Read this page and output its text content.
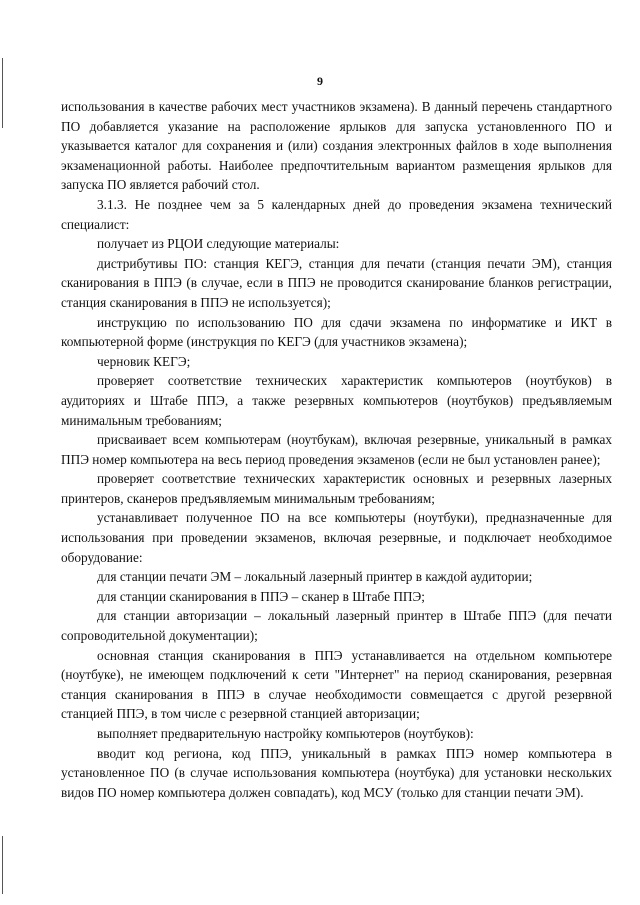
9

использования в качестве рабочих мест участников экзамена). В данный перечень стандартного ПО добавляется указание на расположение ярлыков для запуска установленного ПО и указывается каталог для сохранения и (или) создания электронных файлов в ходе выполнения экзаменационной работы. Наиболее предпочтительным вариантом размещения ярлыков для запуска ПО является рабочий стол.

3.1.3. Не позднее чем за 5 календарных дней до проведения экзамена технический специалист:

получает из РЦОИ следующие материалы:

дистрибутивы ПО: станция КЕГЭ, станция для печати (станция печати ЭМ), станция сканирования в ППЭ (в случае, если в ППЭ не проводится сканирование бланков регистрации, станция сканирования в ППЭ не используется);

инструкцию по использованию ПО для сдачи экзамена по информатике и ИКТ в компьютерной форме (инструкция по КЕГЭ (для участников экзамена);

черновик КЕГЭ;

проверяет соответствие технических характеристик компьютеров (ноутбуков) в аудиториях и Штабе ППЭ, а также резервных компьютеров (ноутбуков) предъявляемым минимальным требованиям;

присваивает всем компьютерам (ноутбукам), включая резервные, уникальный в рамках ППЭ номер компьютера на весь период проведения экзаменов (если не был установлен ранее);

проверяет соответствие технических характеристик основных и резервных лазерных принтеров, сканеров предъявляемым минимальным требованиям;

устанавливает полученное ПО на все компьютеры (ноутбуки), предназначенные для использования при проведении экзаменов, включая резервные, и подключает необходимое оборудование:

для станции печати ЭМ – локальный лазерный принтер в каждой аудитории;

для станции сканирования в ППЭ – сканер в Штабе ППЭ;

для станции авторизации – локальный лазерный принтер в Штабе ППЭ (для печати сопроводительной документации);

основная станция сканирования в ППЭ устанавливается на отдельном компьютере (ноутбуке), не имеющем подключений к сети "Интернет" на период сканирования, резервная станция сканирования в ППЭ в случае необходимости совмещается с другой резервной станцией ППЭ, в том числе с резервной станцией авторизации;

выполняет предварительную настройку компьютеров (ноутбуков):

вводит код региона, код ППЭ, уникальный в рамках ППЭ номер компьютера в установленное ПО (в случае использования компьютера (ноутбука) для установки нескольких видов ПО номер компьютера должен совпадать), код МСУ (только для станции печати ЭМ).
